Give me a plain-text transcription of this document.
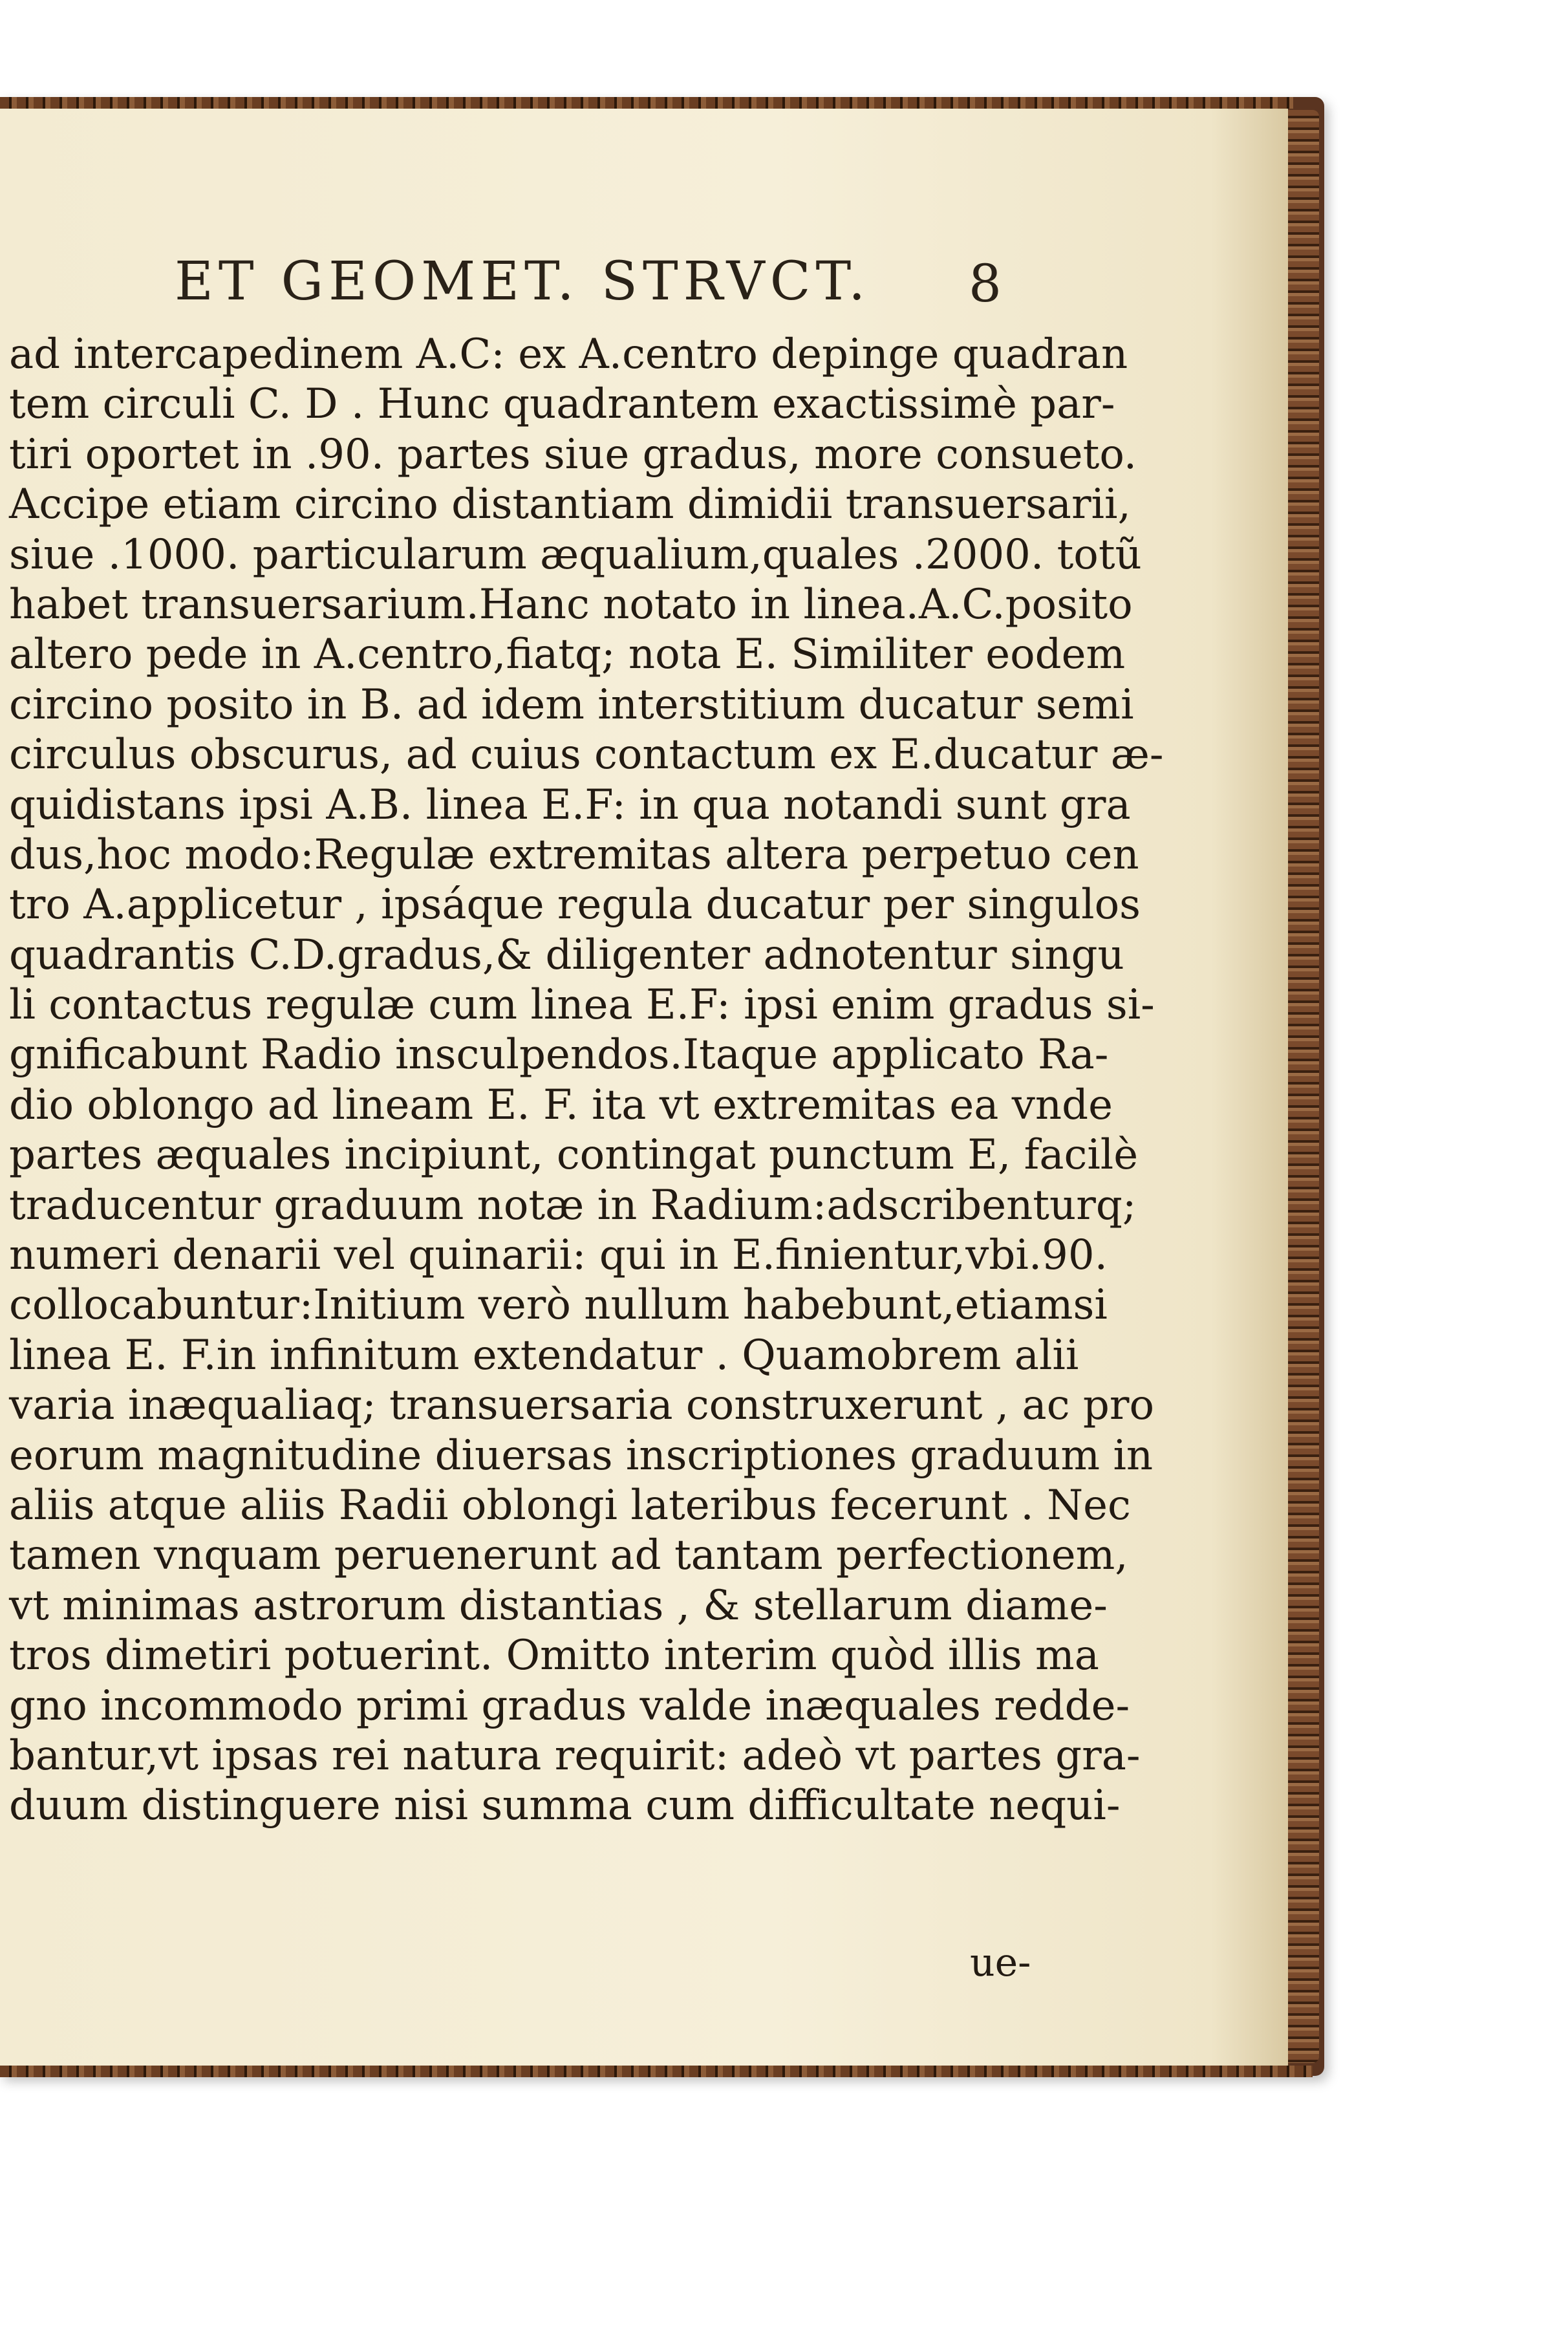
ET GEOMET. STRVCT.	8
ad intercapedinem A.C: ex A.centro depinge quadran
tem circuli C. D . Hunc quadrantem exactissimè par-
tiri oportet in .90. partes siue gradus, more consueto.
Accipe etiam circino distantiam dimidii transuersarii,
siue .1000. particularum æqualium,quales .2000. totũ
habet transuersarium.Hanc notato in linea.A.C.posito
altero pede in A.centro,fiatq; nota E. Similiter eodem
circino posito in B. ad idem interstitium ducatur semi
circulus obscurus, ad cuius contactum ex E.ducatur æ-
quidistans ipsi A.B. linea E.F: in qua notandi sunt gra
dus,hoc modo:Regulæ extremitas altera perpetuo cen
tro A.applicetur , ipsáque regula ducatur per singulos
quadrantis C.D.gradus,& diligenter adnotentur singu
li contactus regulæ cum linea E.F: ipsi enim gradus si-
gnificabunt Radio insculpendos.Itaque applicato Ra-
dio oblongo ad lineam E. F. ita vt extremitas ea vnde
partes æquales incipiunt, contingat punctum E, facilè
traducentur graduum notæ in Radium:adscribenturq;
numeri denarii vel quinarii: qui in E.finientur,vbi.90.
collocabuntur:Initium verò nullum habebunt,etiamsi
linea E. F.in infinitum extendatur . Quamobrem alii
varia inæqualiaq; transuersaria construxerunt , ac pro
eorum magnitudine diuersas inscriptiones graduum in
aliis atque aliis Radii oblongi lateribus fecerunt . Nec
tamen vnquam peruenerunt ad tantam perfectionem,
vt minimas astrorum distantias , & stellarum diame-
tros dimetiri potuerint. Omitto interim quòd illis ma
gno incommodo primi gradus valde inæquales redde-
bantur,vt ipsas rei natura requirit: adeò vt partes gra-
duum distinguere nisi summa cum difficultate nequi-
ue-
